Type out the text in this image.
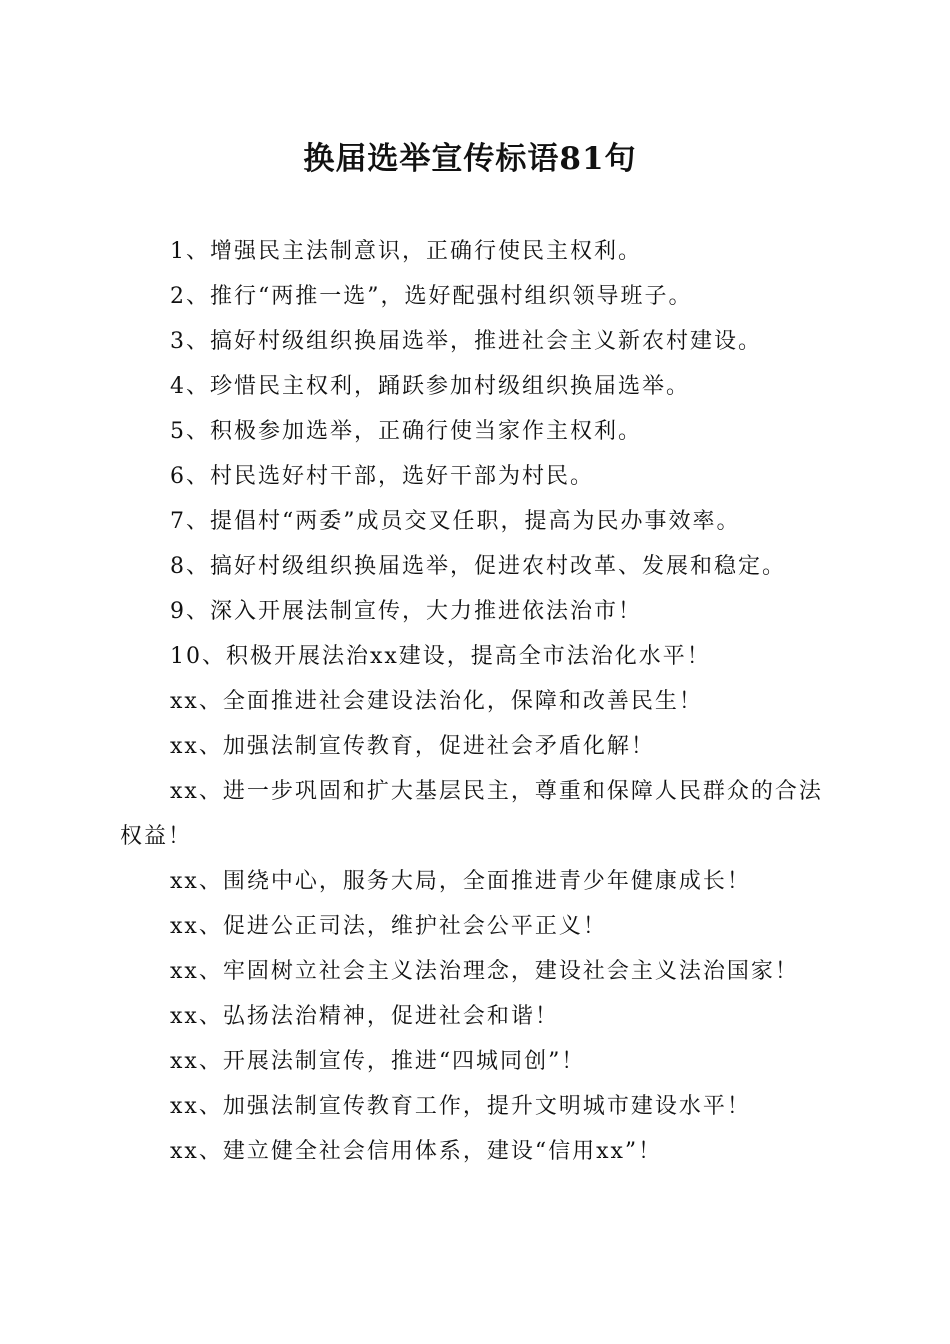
换届选举宣传标语81句
1、增强民主法制意识，正确行使民主权利。
2、推行“两推一选”，选好配强村组织领导班子。
3、搞好村级组织换届选举，推进社会主义新农村建设。
4、珍惜民主权利，踊跃参加村级组织换届选举。
5、积极参加选举，正确行使当家作主权利。
6、村民选好村干部，选好干部为村民。
7、提倡村“两委”成员交叉任职，提高为民办事效率。
8、搞好村级组织换届选举，促进农村改革、发展和稳定。
9、深入开展法制宣传，大力推进依法治市！
10、积极开展法治xx建设，提高全市法治化水平！
xx、全面推进社会建设法治化，保障和改善民生！
xx、加强法制宣传教育，促进社会矛盾化解！
xx、进一步巩固和扩大基层民主，尊重和保障人民群众的合法权益！
xx、围绕中心，服务大局，全面推进青少年健康成长！
xx、促进公正司法，维护社会公平正义！
xx、牢固树立社会主义法治理念，建设社会主义法治国家！
xx、弘扬法治精神，促进社会和谐！
xx、开展法制宣传，推进“四城同创”！
xx、加强法制宣传教育工作，提升文明城市建设水平！
xx、建立健全社会信用体系，建设“信用xx”！
